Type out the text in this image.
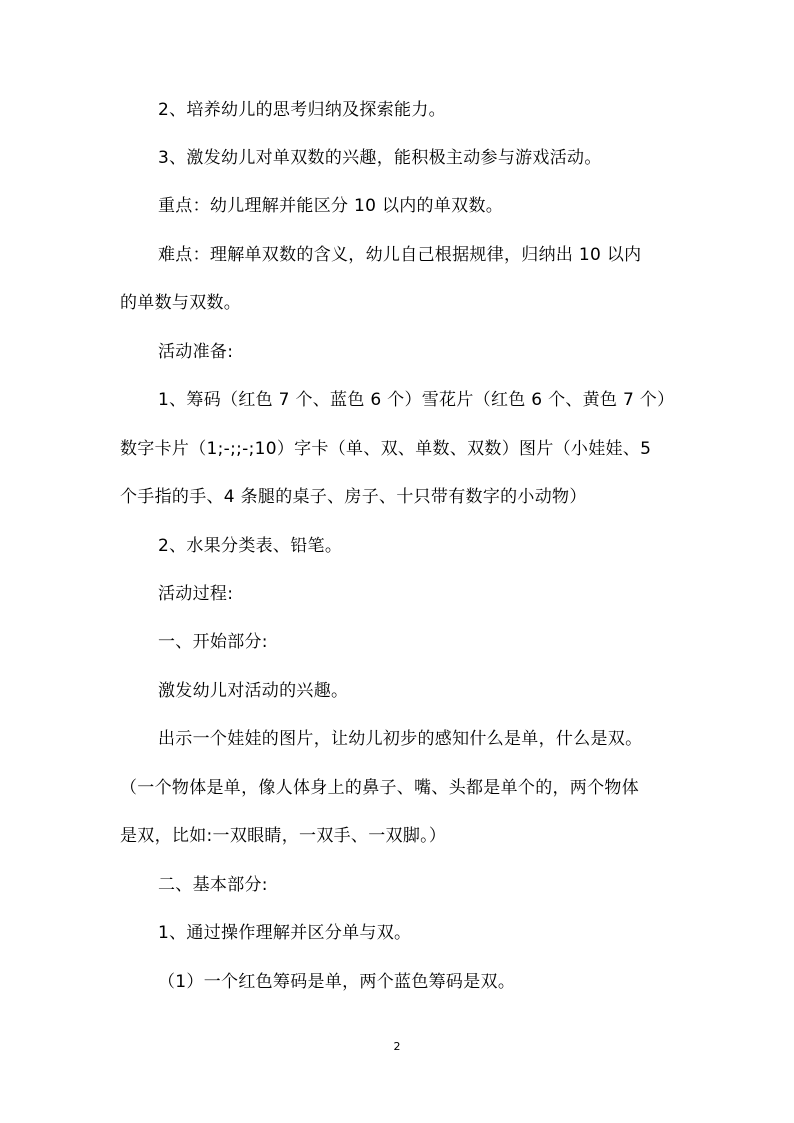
2、培养幼儿的思考归纳及探索能力。
3、激发幼儿对单双数的兴趣，能积极主动参与游戏活动。
重点：幼儿理解并能区分 10 以内的单双数。
难点：理解单双数的含义，幼儿自己根据规律，归纳出 10 以内
的单数与双数。
活动准备:
1、筹码（红色 7 个、蓝色 6 个）雪花片（红色 6 个、黄色 7 个）
数字卡片（1;-;;-;10）字卡（单、双、单数、双数）图片（小娃娃、5
个手指的手、4 条腿的桌子、房子、十只带有数字的小动物）
2、水果分类表、铅笔。
活动过程:
一、开始部分:
激发幼儿对活动的兴趣。
出示一个娃娃的图片，让幼儿初步的感知什么是单，什么是双。
（一个物体是单，像人体身上的鼻子、嘴、头都是单个的，两个物体
是双，比如:一双眼睛，一双手、一双脚。）
二、基本部分:
1、通过操作理解并区分单与双。
（1）一个红色筹码是单，两个蓝色筹码是双。
2
